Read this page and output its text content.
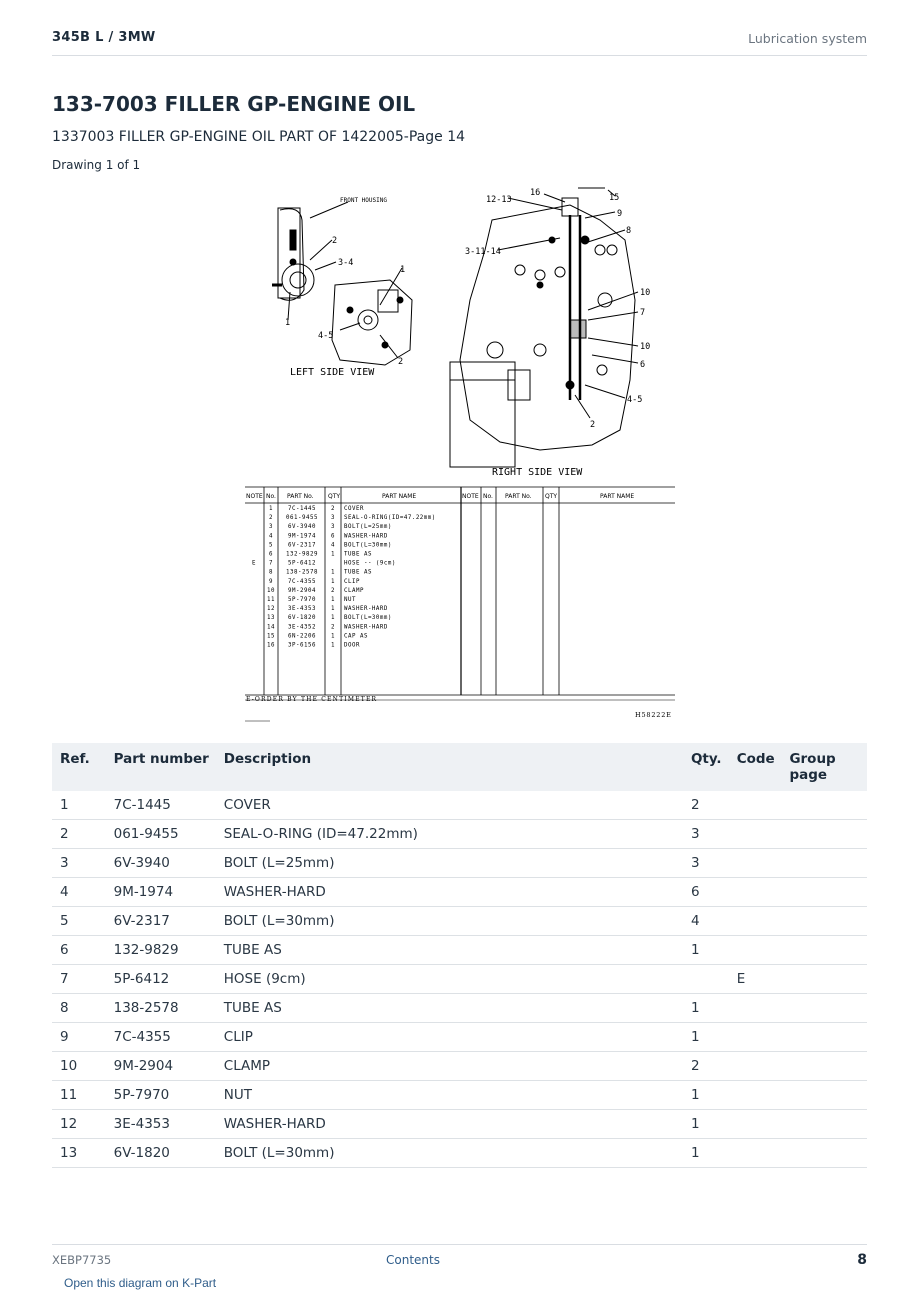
345B L / 3MW	Lubrication system
133-7003 FILLER GP-ENGINE OIL
1337003 FILLER GP-ENGINE OIL PART OF 1422005-Page 14
Drawing 1 of 1
FRONT HOUSING
2
3-4
1
1
4-5
2
LEFT SIDE VIEW
12-13
16	15
9
8
3-11-14
10
7
10
6
4-5
2
RIGHT SIDE VIEW
NOTE No. PART No. QTY	PART NAME	NOTE No. PART No. QTY	PART NAME
1	7C-1445	2 COVER
2 061-9455 3 SEAL-O-RING(ID=47.22mm)
3	6V-3940	3 BOLT(L=25mm)
4	9M-1974	6 WASHER-HARD
5	6V-2317	4 BOLT(L=30mm)
6 132-9829 1 TUBE AS
E 7	5P-6412	HOSE -- (9cm)
8 138-2578 1 TUBE AS
9	7C-4355	1 CLIP
10 9M-2904	2 CLAMP
11 5P-7970	1 NUT
12 3E-4353	1 WASHER-HARD
13 6V-1820	1 BOLT(L=30mm)
14 3E-4352	2 WASHER-HARD
15 6N-2206	1 CAP AS
16 3P-6156	1 DOOR
E-ORDER BY THE CENTIMETER
H58222E
Ref.	Part number	Description	Qty.	Code	Group page
1	7C-1445	COVER	2		
2	061-9455	SEAL-O-RING (ID=47.22mm)	3		
3	6V-3940	BOLT (L=25mm)	3		
4	9M-1974	WASHER-HARD	6		
5	6V-2317	BOLT (L=30mm)	4		
6	132-9829	TUBE AS	1		
7	5P-6412	HOSE (9cm)		E	
8	138-2578	TUBE AS	1		
9	7C-4355	CLIP	1		
10	9M-2904	CLAMP	2		
11	5P-7970	NUT	1		
12	3E-4353	WASHER-HARD	1		
13	6V-1820	BOLT (L=30mm)	1		
XEBP7735	Contents	8
Open this diagram on K-Part
